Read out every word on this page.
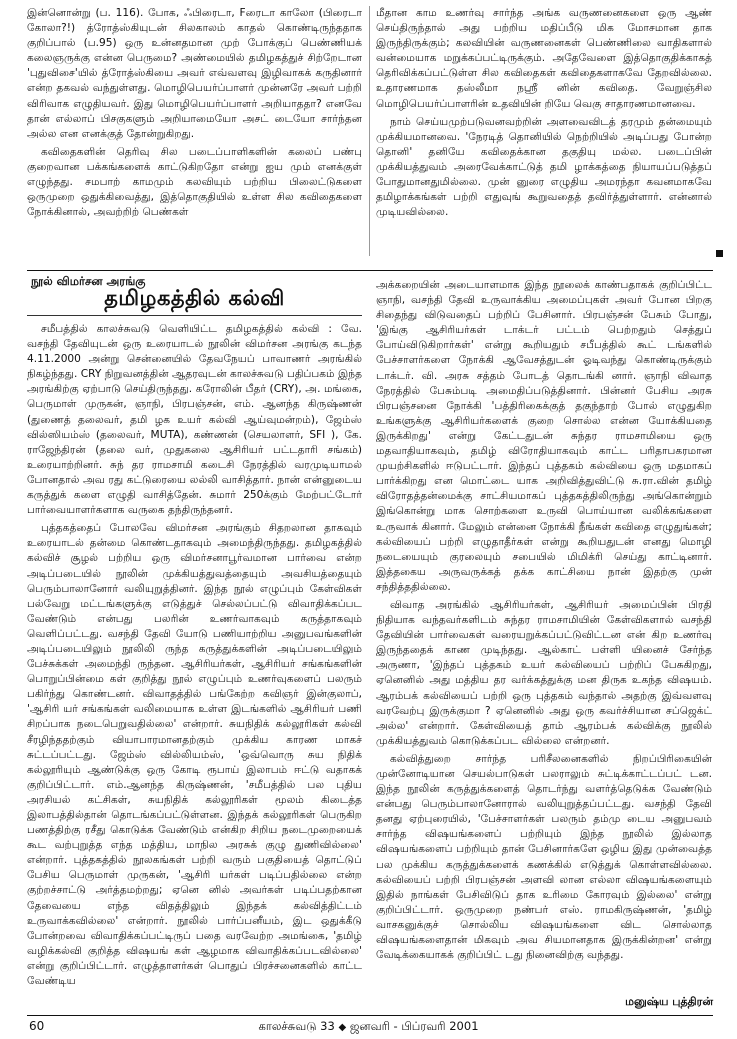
இன்னொன்று (ப. 116). போக, ஃபிரைடா, Fரைடா காலோ (பிரைடா கோலா?!) த்ரோத்ஸ்கியுடன் சிலகாலம் காதல் கொண்டிருந்ததாக குறிப்பால் (ப.95) ஒரு உன்னதமான முற் போக்குப் பெண்ணியக் கலைஞருக்கு என்ன பெருமை? அண்மையில் தமிழகத்துச் சிற்றேடான 'புதுவிசை'யில் த்ரோத்ஸ்கியை அவர் எவ்வளவு இழிவாகக் கருதினார் என்ற தகவல் வந்துள்ளது. மொழிபெயர்ப்பாளர் முன்னரே அவர் பற்றி விரிவாக எழுதியவர். இது மொழிபெயர்ப்பாளர் அறியாததா? எனவே தான் எல்லாப் பிசகுகளும் அறியாமையோ அசட் டையோ சார்ந்தன அல்ல என எனக்குத் தோன்றுகிறது.

கவிதைகளின் தெரிவு சில படைப்பாளிகளின் கலைப் பண்பு குறைவான பக்கங்களைக் காட்டுகிறதோ என்று ஐய மும் எனக்குள் எழுந்தது. சமபாற் காமமும் கலவியும் பற்றிய பிலைட்டுகளை ஒருமுறை ஒதுக்கிவைத்து, இத்தொகுதியில் உள்ள சில கவிதைகளை நோக்கினால், அவற்றிற் பெண்கள்

மீதான காம உணர்வு சார்ந்த அங்க வருணனைகளை ஒரு ஆண் செய்திருந்தால் அது பற்றிய மதிப்பீடு மிக மோசமான தாக இருந்திருக்கும்; கலவியின் வருணனைகள் பெண்ணிலை வாதிகளால் வன்மையாக மறுக்கப்பட்டிருக்கும். அதேவேளை இத்தொகுதிக்காகத் தெரிவிக்கப்பட்டுள்ள சில கவிதைகள் கவிதைகளாகவே தேறவில்லை. உதாரணமாக தஸ்லீமா நஸ்ரீ னின் கவிதை. வேறுஞ்சில மொழிபெயர்ப்பாளரின் உதவியின் றியே வெகு சாதாரணமானவை.

நாம் செய்யமுற்படுவனவற்றின் அளவைவிடத் தரமும் தன்மையும் முக்கியமானவை. 'நேரடித் தொனியில் நெற்றியில் அடிப்பது போன்ற தொனி' தனியே கவிதைக்கான தகுதியு மல்ல. படைப்பின் முக்கியத்துவம் அரைவேக்காட்டுத் தமி ழாக்கத்தை நியாயப்படுத்தப் போதுமானதுமில்லை. முன் னுரை எழுதிய அமரந்தா கவனமாகவே தமிழாக்கங்கள் பற்றி எதுவுங் கூறுவதைத் தவிர்த்துள்ளார். என்னால் முடியவில்லை.

நூல் விமர்சன அரங்கு
தமிழகத்தில் கல்வி

சமீபத்தில் காலச்சுவடு வெளியிட்ட தமிழகத்தில் கல்வி : வே. வசந்தி தேவியுடன் ஒரு உரையாடல் நூலின் விமர்சன அரங்கு கடந்த 4.11.2000 அன்று சென்னையில் தேவநேயப் பாவாணர் அரங்கில் நிகழ்ந்தது. CRY நிறுவனத்தின் ஆதரவுடன் காலச்சுவடு பதிப்பகம் இந்த அரங்கிற்கு ஏற்பாடு செய்திருந்தது. கரோலின் பீதர் (CRY), அ. மங்கை, பெருமாள் முருகன், ஞாநி, பிரபஞ்சன், எம். ஆனந்த கிருஷ்ணன் (துணைத் தலைவர், தமி ழக உயர் கல்வி ஆய்வுமன்றம்), ஜேம்ஸ் வில்ஸியம்ஸ் (தலைவர், MUTA), கண்ணன் (செயலாளர், SFI ), கே. ராஜேந்திரன் (தலை வர், முதுகலை ஆசிரியர் பட்டதாரி சங்கம்) உரையாற்றினர். சுந் தர ராமசாமி கடைசி நேரத்தில் வரமுடியாமல் போனதால் அவ ரது கட்டுரையை லல்லி வாசித்தார். நான் என்னுடைய கருத்துக் களை எழுதி வாசித்தேன். சுமார் 250க்கும் மேற்பட்டோர் பார்வையாளர்களாக வருகை தந்திருந்தனர்.

புத்தகத்தைப் போலவே விமர்சன அரங்கும் சிதறலான தாகவும் உரையாடல் தன்மை கொண்டதாகவும் அமைந்திருந்தது. தமிழகத்தில் கல்விச் சூழல் பற்றிய ஒரு விமர்சனாபூர்வமான பார்வை என்ற அடிப்படையில் நூலின் முக்கியத்துவத்தையும் அவசியத்தையும் பெரும்பாலானோர் வலியுறுத்தினர். இந்த நூல் எழுப்பும் கேள்விகள் பல்வேறு மட்டங்களுக்கு எடுத்துச் செல்லப்பட்டு விவாதிக்கப்பட வேண்டும் என்பது பலரின் உணர்வாகவும் கருத்தாகவும் வெளிப்பட்டது. வசந்தி தேவி யோடு பணியாற்றிய அனுபவங்களின் அடிப்படையிலும் நூலிலி ருந்த கருத்துக்களின் அடிப்படையிலும் பேச்சுக்கள் அமைந்தி ருந்தன. ஆசிரியர்கள், ஆசிரியர் சங்கங்களின் பொறுப்பின்மை கள் குறித்து நூல் எழுப்பும் உணர்வுகளைப் பலரும் பகிர்ந்து கொண்டனர். விவாதத்தில் பங்கேற்ற கவிஞர் இன்குலாப், 'ஆசிரி யர் சங்கங்கள் வலிமையாக உள்ள இடங்களில் ஆசிரியர் பணி சிறப்பாக நடைபெறுவதில்லை' என்றார். சுயநிதிக் கல்லூரிகள் கல்வி சீரழிந்ததற்கும் வியாபாரமானதற்கும் முக்கிய காரண மாகச் சுட்டப்பட்டது. ஜேம்ஸ் வில்லியம்ஸ், 'ஒவ்வொரு சுய நிதிக் கல்லூரியும் ஆண்டுக்கு ஒரு கோடி ரூபாய் இலாபம் ஈட்டு வ‌தாகக் குறிப்பிட்டார். எம்.ஆனந்த கிருஷ்ணன், 'சமீபத்தில் பல புதிய அரசியல் கட்சிகள், சுயநிதிக் கல்லூரிகள் மூலம் கிடைத்த இலாபத்தில்தான் தொடங்கப்பட்டுள்ளன. இந்தக் கல்லூரிகள் பெருகிற பணத்திற்கு ரசீது கொடுக்க வேண்டும் என்கிற சிறிய நடைமுறையைக் கூட வற்புறுத்த எந்த மத்திய, மாநில அரசுக் குழு துணிவில்லை' என்றார். புத்தகத்தில் நூலகங்கள் பற்றி வரும் பகுதியைத் தொட்டுப் பேசிய பெருமாள் முருகன், 'ஆசிரி யர்கள் படிப்பதில்லை என்ற குற்றச்சாட்டு அர்த்தமற்றது; ஏனெ னில் அவர்கள் படிப்பதற்கான தேவையை எந்த விதத்திலும் இந்தக் கல்வித்திட்டம் உருவாக்கவில்லை' என்றார். நூலில் பார்ப்பனீயம், இட ஒதுக்கீடு போன்றவை விவாதிக்கப்பட்டிருப் பதை வரவேற்ற அமங்கை, 'தமிழ் வழிக்கல்வி குறித்த விஷயங் கள் ஆழமாக விவாதிக்கப்படவில்லை' என்று குறிப்பிட்டார். எழுத்தாளர்கள் பொதுப் பிரச்சனைகளில் காட்ட வேண்டிய

அக்கறையின் அடையாளமாக இந்த நூலைக் காண்பதாகக் குறிப்பிட்ட ஞாநி, வசந்தி தேவி உருவாக்கிய அமைப்புகள் அவர் போன பிறகு சிதைந்து விடுவதைப் பற்றிப் பேசினார். பிரபஞ்சன் பேசும் போது, 'இங்கு ஆசிரியர்கள் டாக்டர் பட்டம் பெற்றதும் செத்துப் போய்விடுகிறார்கள்' என்று கூறியதும் சபீபத்தில் கூட் டங்களில் பேச்சாளர்களை நோக்கி ஆவேசத்துடன் ஓடிவந்து கொண்டிருக்கும் டாக்டர். வி. அரசு சத்தம் போடத் தொடங்கி னார். ஞாநி விவாத நேரத்தில் பேசும்படி அமைதிப்படுத்தினார். பின்னர் பேசிய அரசு பிரபஞ்சனை நோக்கி 'பத்திரிகைக்குத் தகுந்தாற் போல் எழுதுகிற உங்களுக்கு ஆசிரியர்களைக் குறை சொல்ல என்ன யோக்கியதை இருக்கிறது' என்று கேட்டதுடன் சுந்தர ராமசாமியை ஒரு மதவாதியாகவும், தமிழ் விரோதியாகவும் காட்ட பரிதாபகரமான முயற்சிகளில் ஈடுபட்டார். இந்தப் புத்தகம் கல்வியை ஒரு மதமாகப் பார்க்கிறது என மொட்டை யாக அறிவித்துவிட்டு சு.ரா.வின் தமிழ் விரோதத்தன்மைக்கு சாட்சியமாகப் புத்தகத்திலிருந்து அங்கொன்றும் இங்கொன்று மாக சொற்களை உருவி பொய்யான வலிக்கங்களை உருவாக் கினார். மேலும் என்னை நோக்கி நீங்கள் கவிதை எழுதுங்கள்; கல்வியைப் பற்றி எழுதாதீர்கள் என்று கூறியதுடன் எனது மொழி நடையையும் குரலையும் சபையில் மிமிக்ரி செய்து காட்டினார். இத்தகைய அருவருக்கத் தக்க காட்சியை நான் இதற்கு முன் சந்தித்ததில்லை.

விவாத அரங்கில் ஆசிரியர்கள், ஆசிரியர் அமைப்பின் பிரதி நிதியாக வந்தவர்களிடம் சுந்தர ராமசாமியின் கேள்விகளால் வசந்தி தேவியின் பார்வைகள் வரையறுக்கப்பட்டுவிட்டன என் கிற உணர்வு இருந்ததைக் காண முடிந்தது. ஆல்காட் பள்ளி யினைச் சேர்ந்த அருணா, 'இந்தப் புத்தகம் உயர் கல்வியைப் பற்றிப் பேசுகிறது, ஏனெனில் அது மத்திய தர வர்க்கத்துக்கு மன திருக உகந்த விஷயம். ஆரம்பக் கல்வியைப் பற்றி ஒரு புத்தகம் வந்தால் அதற்கு இவ்வளவு வரவேற்பு இருக்குமா ? ஏனெனில் அது ஒரு கவர்ச்சியான சப்ஜெக்ட் அல்ல' என்றார். கேள்வியைத் தாம் ஆரம்பக் கல்விக்கு நூலில் முக்கியத்துவம் கொடுக்கப்பட வில்லை என்றனர்.

கல்வித்துறை சார்ந்த பரிசீலனைகளில் நிறப்பிரிகையின் முன்னோடியான செயல்பாடுகள் பலராலும் சுட்டிக்காட்டப்பட் டன. இந்த நூலின் கருத்துக்களைத் தொடர்ந்து வளர்த்தெடுக்க வேண்டும் என்பது பெரும்பாலானோரால் வலியுறுத்தப்பட்டது. வசந்தி தேவி தனது ஏற்புரையில், 'பேச்சாளர்கள் பலரும் தம்மு டைய அனுபவம் சார்ந்த விஷயங்களைப் பற்றியும் இந்த நூலில் இல்லாத விஷயங்களைப் பற்றியும் தான் பேசினார்களே ஒழிய இது முன்வைத்த பல முக்கிய கருத்துக்களைக் கணக்கில் எடுத்துக் கொள்ளவில்லை. கல்வியைப் பற்றி பிரபஞ்சன் அளவி லான எல்லா விஷயங்களையும் இதில் நாங்கள் பேசிவிடுப் தாக உரிமை கோரவும் இல்லை' என்று குறிப்பிட்டார். ஒருமுறை நண்பர் எஸ். ராமகிருஷ்ணன், 'தமிழ் வாசகனுக்குச் சொல்லிய விஷயங்களை விட சொல்லாத விஷயங்களைதான் மிகவும் அவ சியமானதாக இருக்கின்றன' என்று வேடிக்கையாகக் குறிப்பிட் டது நினைவிற்கு வந்தது.

மனுஷ்ய புத்திரன்
60	காலச்சுவடு 33 ◆ ஜனவரி - பிப்ரவரி 2001
